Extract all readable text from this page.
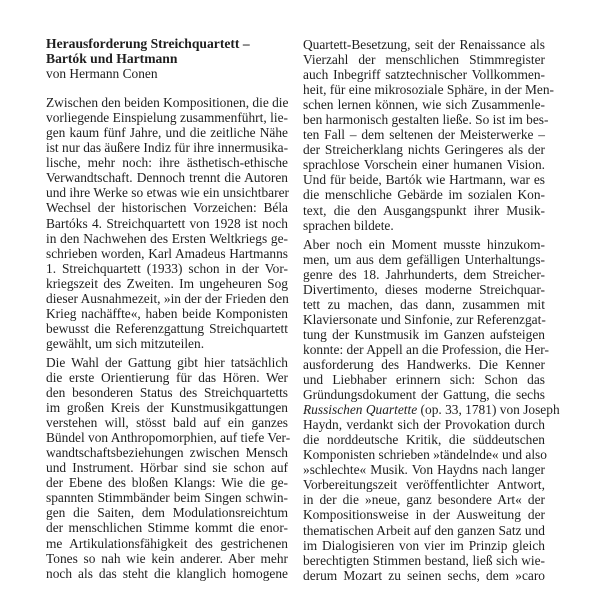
Herausforderung Streichquartett –
Bartók und Hartmann

von Hermann Conen

Zwischen den beiden Kompositionen, die die
vorliegende Einspielung zusammenführt, lie-
gen kaum fünf Jahre, und die zeitliche Nähe
ist nur das äußere Indiz für ihre innermusika-
lische, mehr noch: ihre ästhetisch-ethische
Verwandtschaft. Dennoch trennt die Autoren
und ihre Werke so etwas wie ein unsichtbarer
Wechsel der historischen Vorzeichen: Béla
Bartóks 4. Streichquartett von 1928 ist noch
in den Nachwehen des Ersten Weltkriegs ge-
schrieben worden, Karl Amadeus Hartmanns
1. Streichquartett (1933) schon in der Vor-
kriegszeit des Zweiten. Im ungeheuren Sog
dieser Ausnahmezeit, »in der der Frieden den
Krieg nachäffte«, haben beide Komponisten
bewusst die Referenzgattung Streichquartett
gewählt, um sich mitzuteilen.
Die Wahl der Gattung gibt hier tatsächlich
die erste Orientierung für das Hören. Wer
den besonderen Status des Streichquartetts
im großen Kreis der Kunstmusikgattungen
verstehen will, stösst bald auf ein ganzes
Bündel von Anthropomorphien, auf tiefe Ver-
wandtschaftsbeziehungen zwischen Mensch
und Instrument. Hörbar sind sie schon auf
der Ebene des bloßen Klangs: Wie die ge-
spannten Stimmbänder beim Singen schwin-
gen die Saiten, dem Modulationsreichtum
der menschlichen Stimme kommt die enor-
me Artikulationsfähigkeit des gestrichenen
Tones so nah wie kein anderer. Aber mehr
noch als das steht die klanglich homogene
Quartett-Besetzung, seit der Renaissance als
Vierzahl der menschlichen Stimmregister
auch Inbegriff satztechnischer Vollkommen-
heit, für eine mikrosoziale Sphäre, in der Men-
schen lernen können, wie sich Zusammenle-
ben harmonisch gestalten ließe. So ist im bes-
ten Fall – dem seltenen der Meisterwerke –
der Streicherklang nichts Geringeres als der
sprachlose Vorschein einer humanen Vision.
Und für beide, Bartók wie Hartmann, war es
die menschliche Gebärde im sozialen Kon-
text, die den Ausgangspunkt ihrer Musik-
sprachen bildete.
Aber noch ein Moment musste hinzukom-
men, um aus dem gefälligen Unterhaltungs-
genre des 18. Jahrhunderts, dem Streicher-
Divertimento, dieses moderne Streichquar-
tett zu machen, das dann, zusammen mit
Klaviersonate und Sinfonie, zur Referenzgat-
tung der Kunstmusik im Ganzen aufsteigen
konnte: der Appell an die Profession, die Her-
ausforderung des Handwerks. Die Kenner
und Liebhaber erinnern sich: Schon das
Gründungsdokument der Gattung, die sechs
Russischen Quartette (op. 33, 1781) von Joseph
Haydn, verdankt sich der Provokation durch
die norddeutsche Kritik, die süddeutschen
Komponisten schrieben »tändelnde« und also
»schlechte« Musik. Von Haydns nach langer
Vorbereitungszeit veröffentlichter Antwort,
in der die »neue, ganz besondere Art« der
Kompositionsweise in der Ausweitung der
thematischen Arbeit auf den ganzen Satz und
im Dialogisieren von vier im Prinzip gleich
berechtigten Stimmen bestand, ließ sich wie-
derum Mozart zu seinen sechs, dem »caro
